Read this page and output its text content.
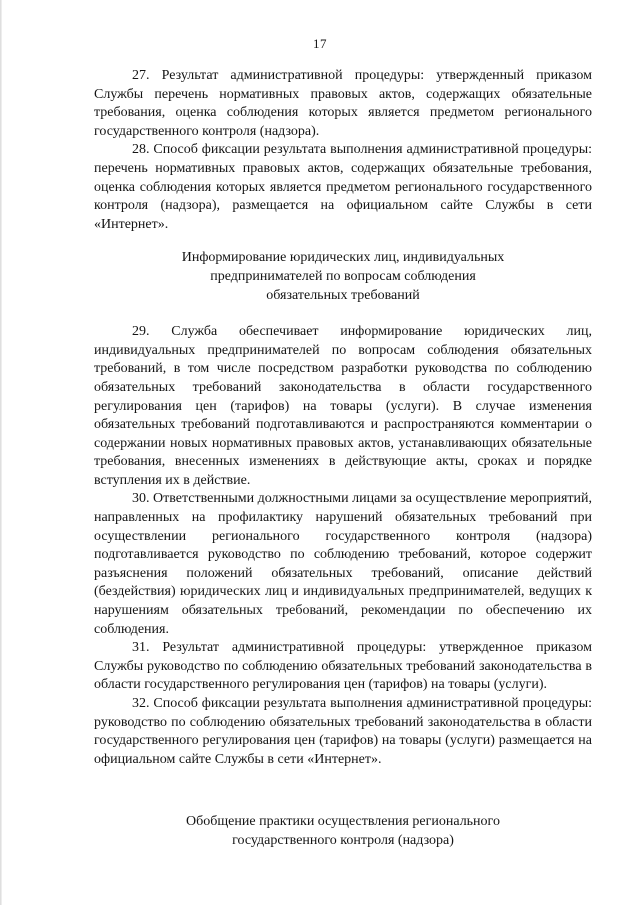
17

27. Результат административной процедуры: утвержденный приказом Службы перечень нормативных правовых актов, содержащих обязательные требования, оценка соблюдения которых является предметом регионального государственного контроля (надзора).

28. Способ фиксации результата выполнения административной процедуры: перечень нормативных правовых актов, содержащих обязательные требования, оценка соблюдения которых является предметом регионального государственного контроля (надзора), размещается на официальном сайте Службы в сети «Интернет».

Информирование юридических лиц, индивидуальных
предпринимателей по вопросам соблюдения
обязательных требований

29. Служба обеспечивает информирование юридических лиц, индивидуальных предпринимателей по вопросам соблюдения обязательных требований, в том числе посредством разработки руководства по соблюдению обязательных требований законодательства в области государственного регулирования цен (тарифов) на товары (услуги). В случае изменения обязательных требований подготавливаются и распространяются комментарии о содержании новых нормативных правовых актов, устанавливающих обязательные требования, внесенных изменениях в действующие акты, сроках и порядке вступления их в действие.

30. Ответственными должностными лицами за осуществление мероприятий, направленных на профилактику нарушений обязательных требований при осуществлении регионального государственного контроля (надзора) подготавливается руководство по соблюдению требований, которое содержит разъяснения положений обязательных требований, описание действий (бездействия) юридических лиц и индивидуальных предпринимателей, ведущих к нарушениям обязательных требований, рекомендации по обеспечению их соблюдения.

31. Результат административной процедуры: утвержденное приказом Службы руководство по соблюдению обязательных требований законодательства в области государственного регулирования цен (тарифов) на товары (услуги).

32. Способ фиксации результата выполнения административной процедуры: руководство по соблюдению обязательных требований законодательства в области государственного регулирования цен (тарифов) на товары (услуги) размещается на официальном сайте Службы в сети «Интернет».

Обобщение практики осуществления регионального
государственного контроля (надзора)
